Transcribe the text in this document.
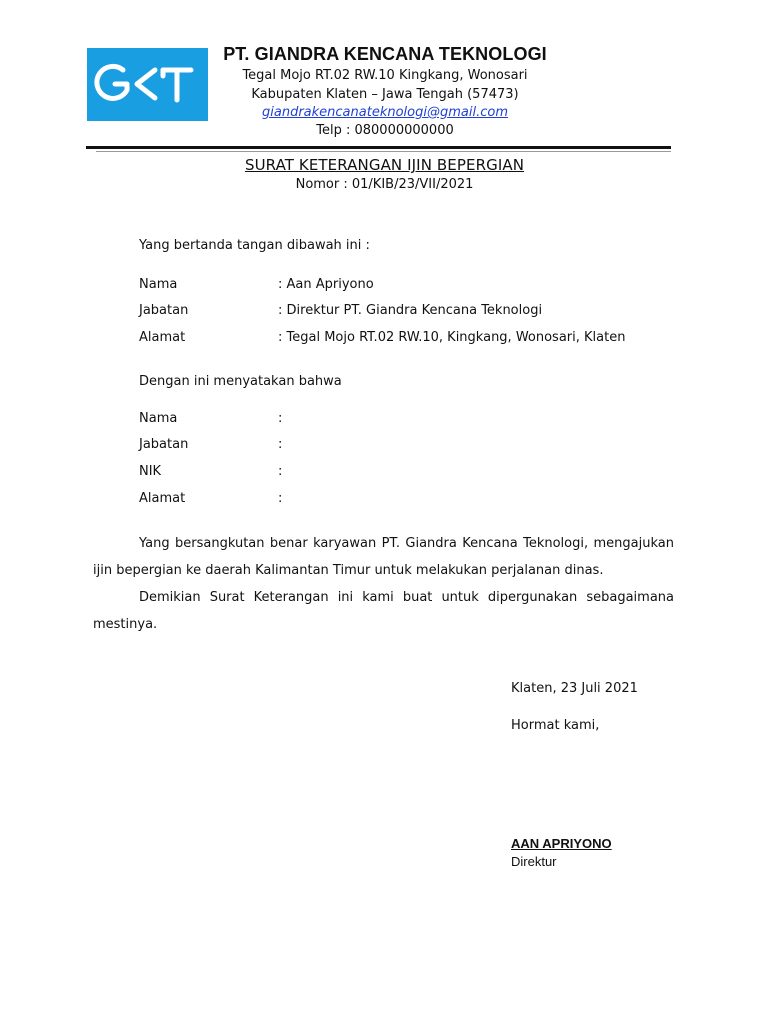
PT. GIANDRA KENCANA TEKNOLOGI
Tegal Mojo RT.02 RW.10 Kingkang, Wonosari
Kabupaten Klaten – Jawa Tengah (57473)
giandrakencanateknologi@gmail.com
Telp : 080000000000
SURAT KETERANGAN IJIN BEPERGIAN
Nomor : 01/KIB/23/VII/2021
Yang bertanda tangan dibawah ini :
Nama	: Aan Apriyono
Jabatan	: Direktur PT. Giandra Kencana Teknologi
Alamat	: Tegal Mojo RT.02 RW.10, Kingkang, Wonosari, Klaten
Dengan ini menyatakan bahwa
Nama	:
Jabatan	:
NIK	:
Alamat	:

Yang bersangkutan benar karyawan PT. Giandra Kencana Teknologi, mengajukan ijin bepergian ke daerah Kalimantan Timur untuk melakukan perjalanan dinas.

Demikian Surat Keterangan ini kami buat untuk dipergunakan sebagaimana mestinya.

Klaten, 23 Juli 2021
Hormat kami,
AAN APRIYONO
Direktur
